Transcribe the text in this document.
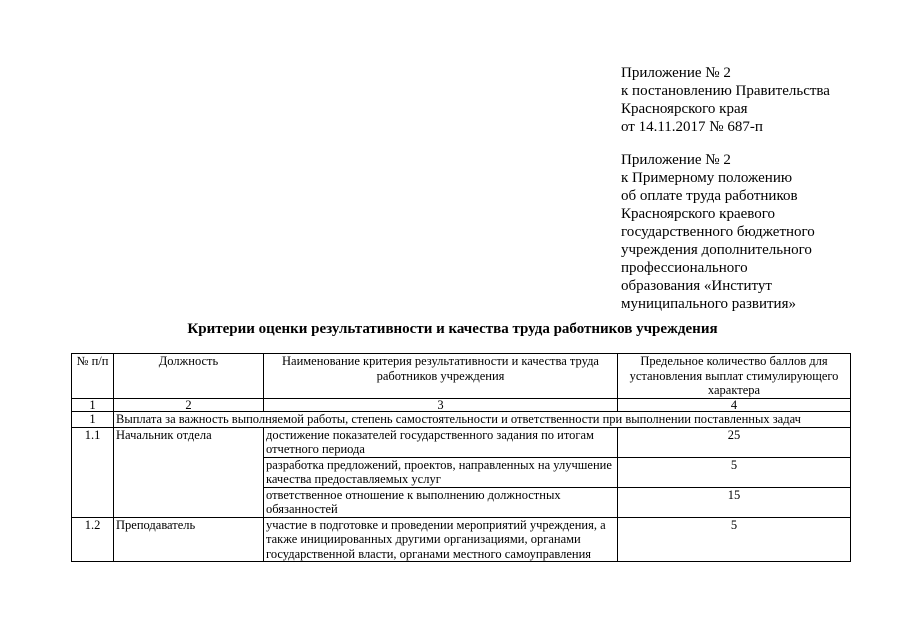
Приложение № 2
к постановлению Правительства
Красноярского края
от 14.11.2017 № 687-п
Приложение № 2
к Примерному положению
об оплате труда работников
Красноярского краевого
государственного бюджетного
учреждения дополнительного
профессионального
образования «Институт
муниципального развития»
Критерии оценки результативности и качества труда работников учреждения
№ п/п	Должность	Наименование критерия результативности и качества труда работников учреждения	Предельное количество баллов для установления выплат стимулирующего характера
1	2	3	4
1	Выплата за важность выполняемой работы, степень самостоятельности и ответственности при выполнении поставленных задач		
1.1	Начальник отдела	достижение показателей государственного задания по итогам отчетного периода	25
		разработка предложений, проектов, направленных на улучшение качества предоставляемых услуг	5
		ответственное отношение к выполнению должностных обязанностей	15
1.2	Преподаватель	участие в подготовке и проведении мероприятий учреждения, а также инициированных другими организациями, органами государственной власти, органами местного самоуправления	5
